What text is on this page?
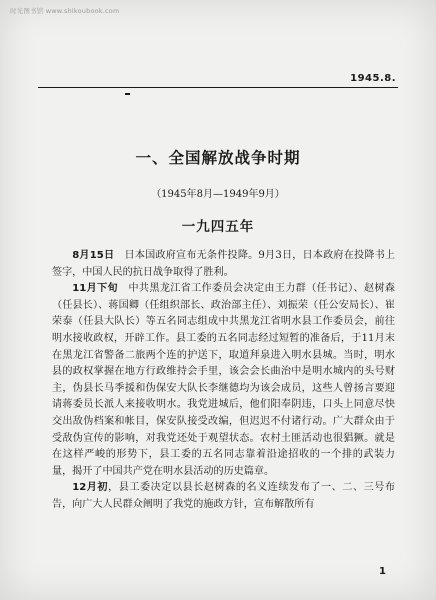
时光图书馆 www.shikoubook.com
1945.8.
一、全国解放战争时期
（1945年8月—1949年9月）
一九四五年

8月15日  日本国政府宣布无条件投降。9月3日，日本政府在投降书上签字，中国人民的抗日战争取得了胜利。

11月下旬  中共黑龙江省工作委员会决定由王力群（任书记）、赵树森（任县长）、蒋国卿（任组织部长、政治部主任）、刘振荣（任公安局长）、崔荣泰（任县大队长）等五名同志组成中共黑龙江省明水县工作委员会，前往明水接收政权，开辟工作。县工委的五名同志经过短暂的准备后，于11月末在黑龙江省警备二旅两个连的护送下，取道拜泉进入明水县城。当时，明水县的政权掌握在地方行政维持会手里，该会会长曲治中是明水城内的头号财主，伪县长马季援和伪保安大队长李继德均为该会成员，这些人曾扬言要迎请蒋委员长派人来接收明水。我党进城后，他们阳奉阴违，口头上同意尽快交出敌伪档案和帐目，保安队接受改编，但迟迟不付诸行动。广大群众由于受敌伪宣传的影响，对我党还处于观望状态。农村土匪活动也很猖獗。就是在这样严峻的形势下，县工委的五名同志靠着沿途招收的一个排的武装力量，揭开了中国共产党在明水县活动的历史篇章。

12月初，县工委决定以县长赵树森的名义连续发布了一、二、三号布告，向广大人民群众阐明了我党的施政方针，宣布解散所有

1
